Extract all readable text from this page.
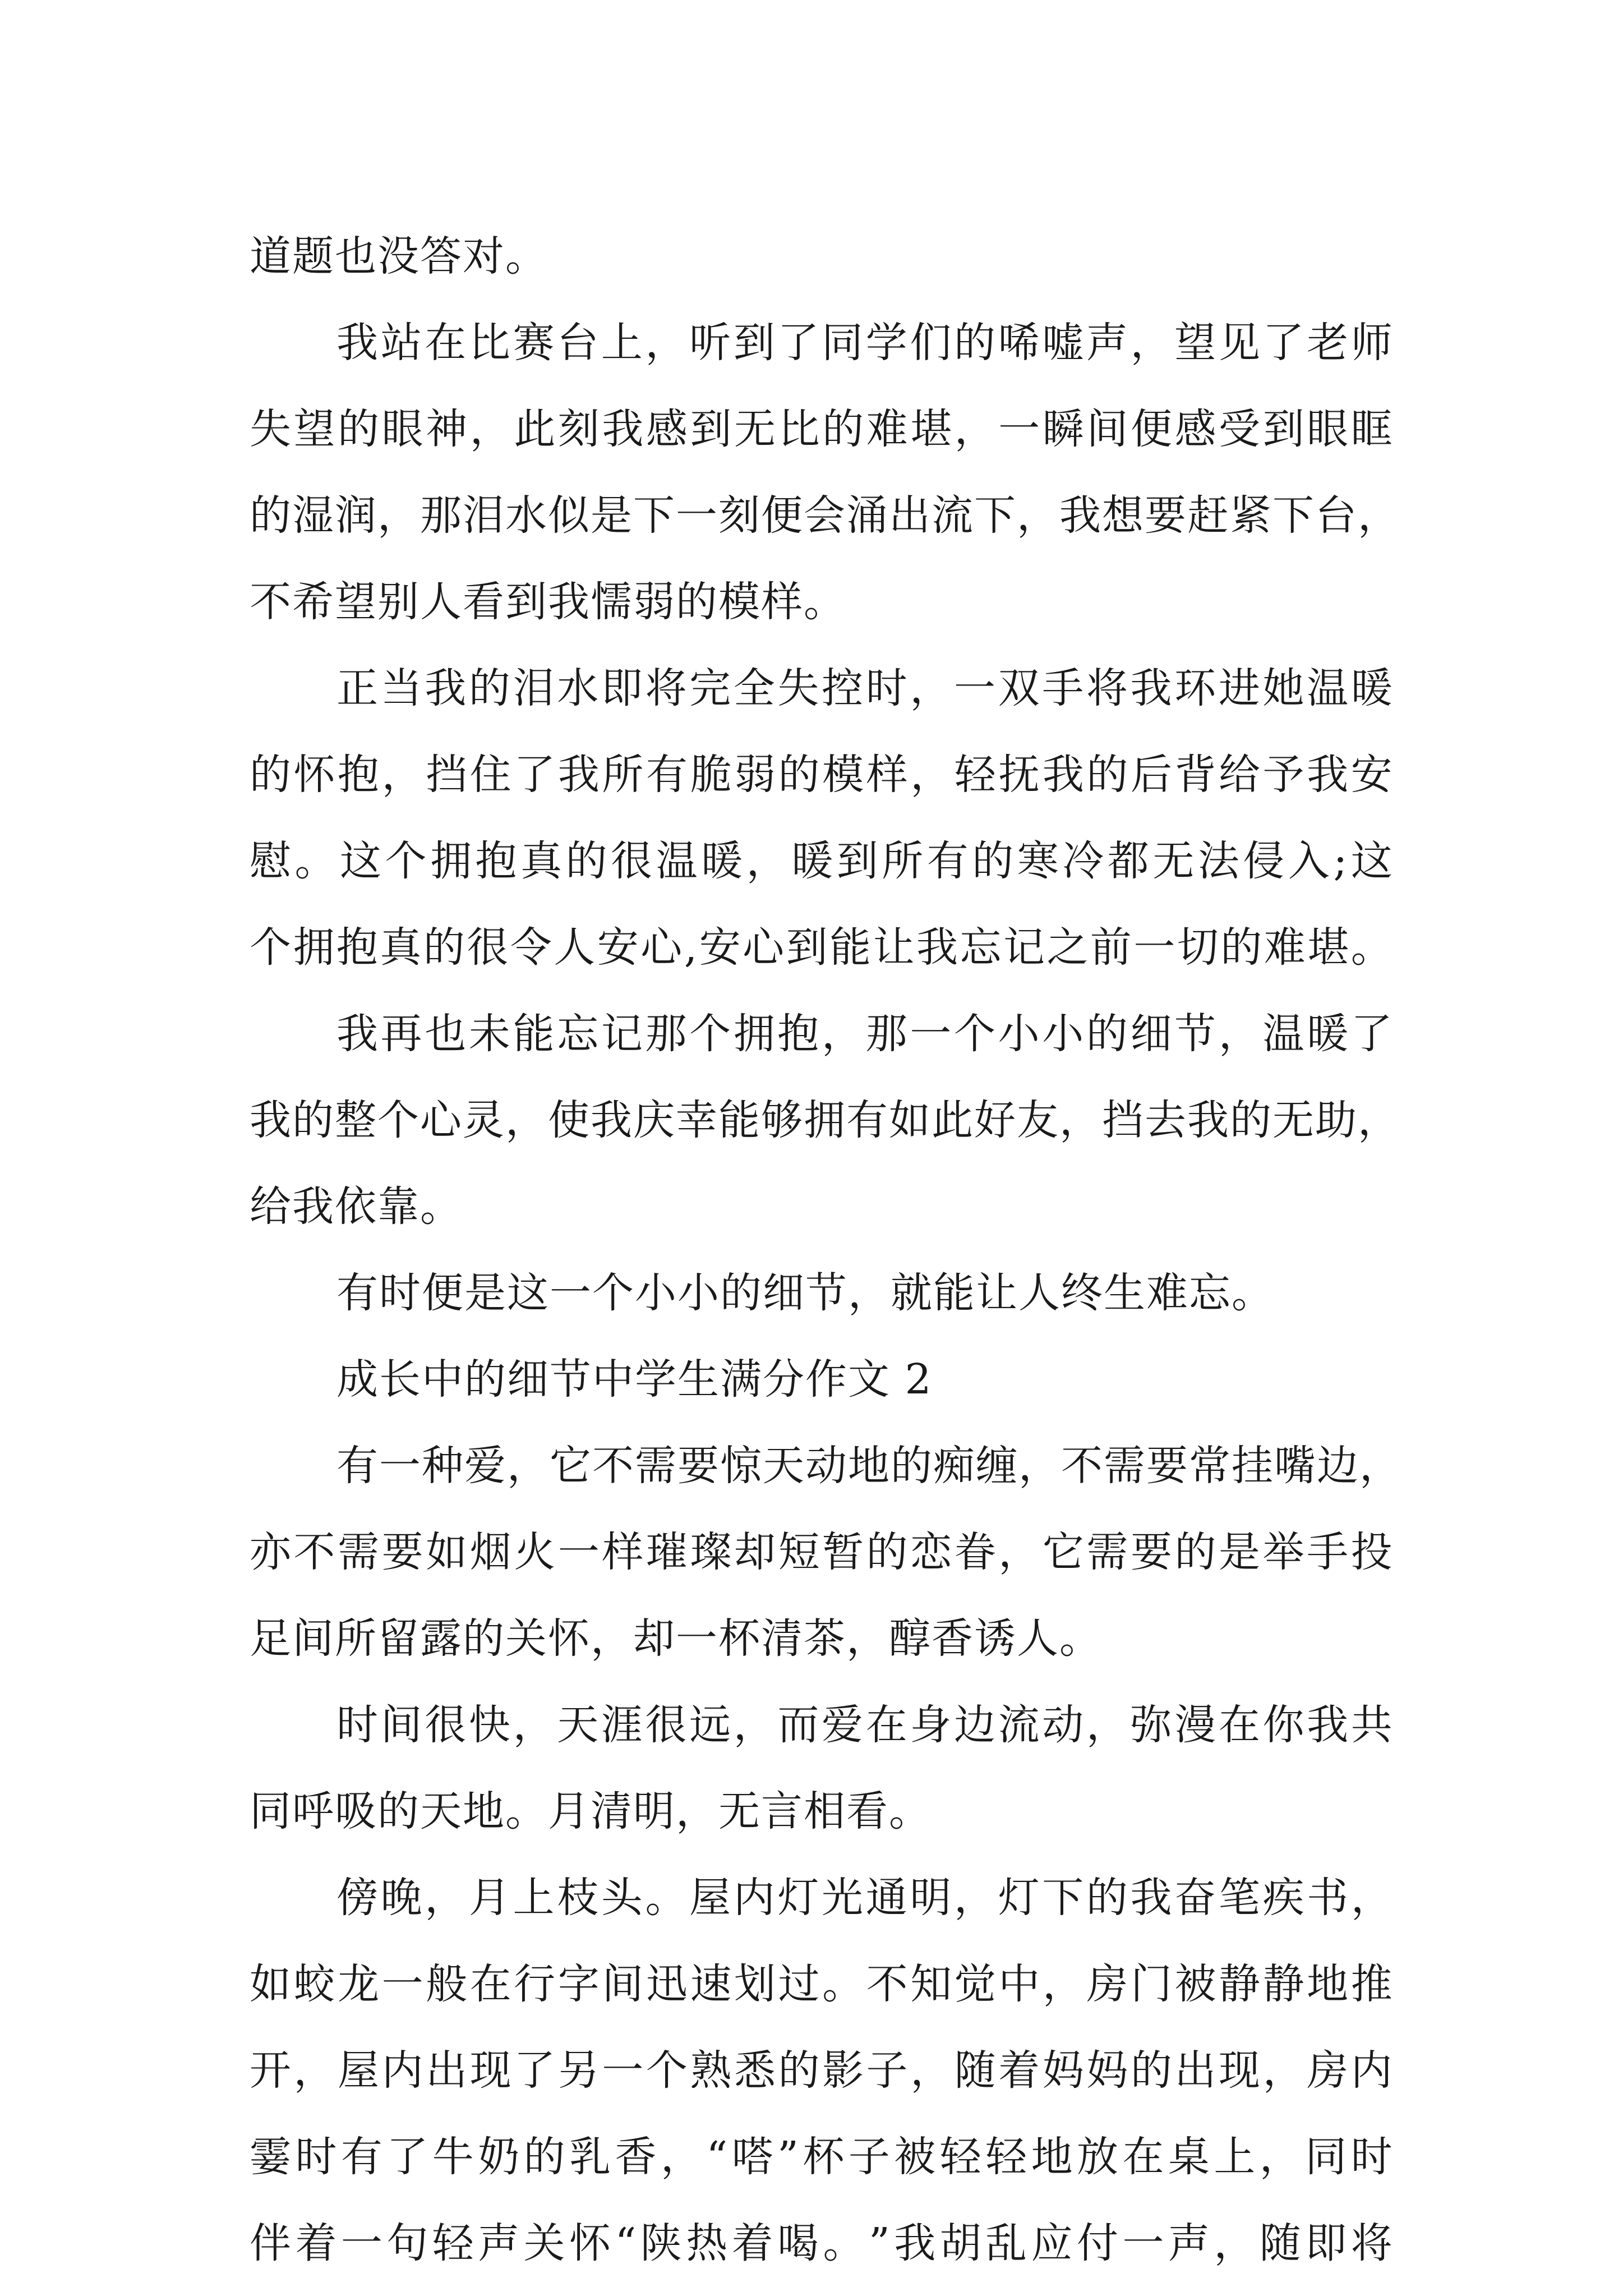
道题也没答对。
我 站 在 比 赛 台 上 ， 听 到 了 同 学 们 的 唏 嘘 声 ， 望 见 了 老 师
失 望 的 眼 神 ， 此 刻 我 感 到 无 比 的 难 堪 ， 一 瞬 间 便 感 受 到 眼 眶
的 湿 润 ， 那 泪 水 似 是 下 一 刻 便 会 涌 出 流 下 ， 我 想 要 赶 紧 下 台 ，
不希望别人看到我懦弱的模样。
正 当 我 的 泪 水 即 将 完 全 失 控 时 ， 一 双 手 将 我 环 进 她 温 暖
的 怀 抱 ， 挡 住 了 我 所 有 脆 弱 的 模 样 ， 轻 抚 我 的 后 背 给 予 我 安
慰 。 这 个 拥 抱 真 的 很 温 暖 ， 暖 到 所 有 的 寒 冷 都 无 法 侵 入 ; 这
个 拥 抱 真 的 很 令 人 安 心 , 安 心 到 能 让 我 忘 记 之 前 一 切 的 难 堪 。
我 再 也 未 能 忘 记 那 个 拥 抱 ， 那 一 个 小 小 的 细 节 ， 温 暖 了
我 的 整 个 心 灵 ， 使 我 庆 幸 能 够 拥 有 如 此 好 友 ， 挡 去 我 的 无 助 ，
给我依靠。
有时便是这一个小小的细节，就能让人终生难忘。
成长中的细节中学生满分作文 2
有 一 种 爱 ， 它 不 需 要 惊 天 动 地 的 痴 缠 ， 不 需 要 常 挂 嘴 边 ，
亦 不 需 要 如 烟 火 一 样 璀 璨 却 短 暂 的 恋 眷 ， 它 需 要 的 是 举 手 投
足间所留露的关怀，却一杯清茶，醇香诱人。
时 间 很 快 ， 天 涯 很 远 ， 而 爱 在 身 边 流 动 ， 弥 漫 在 你 我 共
同呼吸的天地。月清明，无言相看。
傍 晚 ， 月 上 枝 头 。 屋 内 灯 光 通 明 ， 灯 下 的 我 奋 笔 疾 书 ，
如 蛟 龙 一 般 在 行 字 间 迅 速 划 过 。 不 知 觉 中 ， 房 门 被 静 静 地 推
开 ， 屋 内 出 现 了 另 一 个 熟 悉 的 影 子 ， 随 着 妈 妈 的 出 现 ， 房 内
霎 时 有 了 牛 奶 的 乳 香 ， “ 嗒 ” 杯 子 被 轻 轻 地 放 在 桌 上 ， 同 时
伴 着 一 句 轻 声 关 怀 “ 陕 热 着 喝 。 ” 我 胡 乱 应 付 一 声 ， 随 即 将
